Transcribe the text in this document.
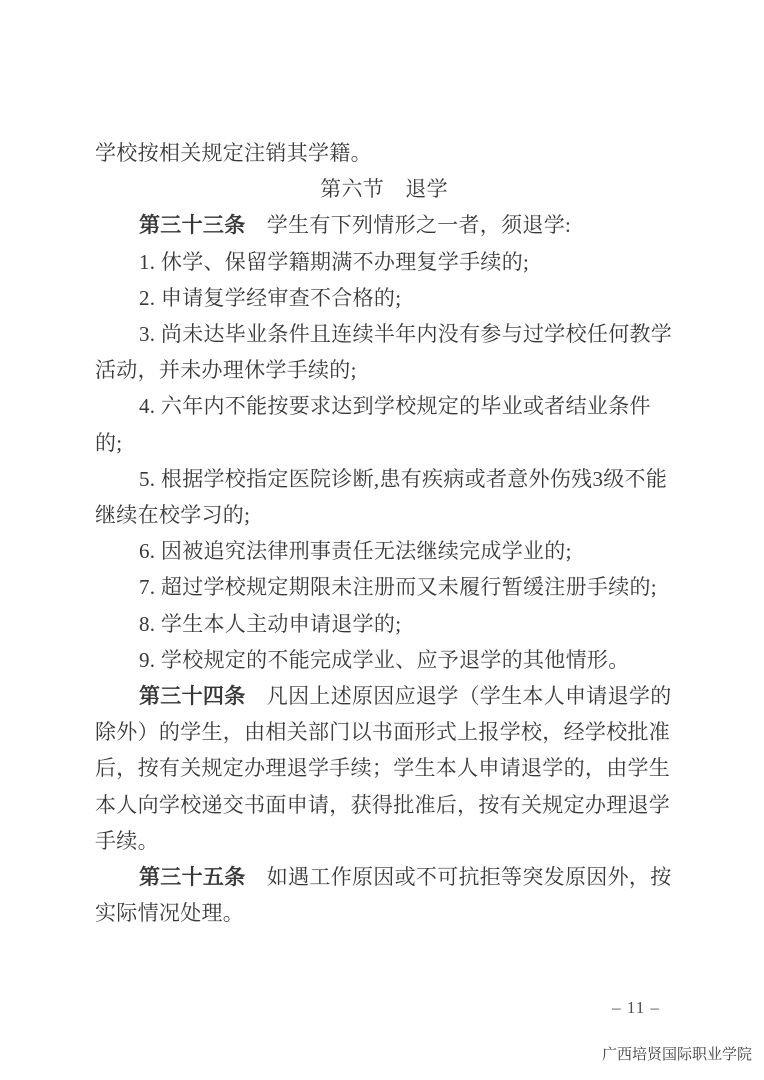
学校按相关规定注销其学籍。
第六节　退学
第三十三条　学生有下列情形之一者，须退学:
1. 休学、保留学籍期满不办理复学手续的;
2. 申请复学经审查不合格的;
3. 尚未达毕业条件且连续半年内没有参与过学校任何教学
活动，并未办理休学手续的;
4. 六年内不能按要求达到学校规定的毕业或者结业条件的;
5. 根据学校指定医院诊断,患有疾病或者意外伤残3级不能
继续在校学习的;
6. 因被追究法律刑事责任无法继续完成学业的;
7. 超过学校规定期限未注册而又未履行暂缓注册手续的;
8. 学生本人主动申请退学的;
9. 学校规定的不能完成学业、应予退学的其他情形。
第三十四条　凡因上述原因应退学（学生本人申请退学的
除外）的学生，由相关部门以书面形式上报学校，经学校批准
后，按有关规定办理退学手续；学生本人申请退学的，由学生
本人向学校递交书面申请，获得批准后，按有关规定办理退学
手续。
第三十五条　如遇工作原因或不可抗拒等突发原因外，按
实际情况处理。
– 11 –
广西培贤国际职业学院
